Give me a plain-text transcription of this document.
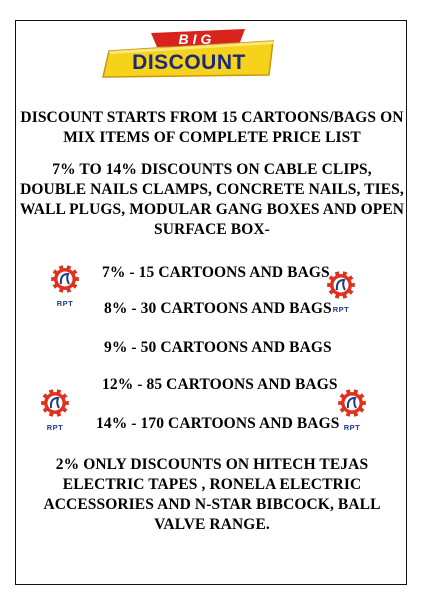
BIG
DISCOUNT
DISCOUNT STARTS FROM 15 CARTOONS/BAGS ON
MIX ITEMS OF COMPLETE PRICE LIST
7% TO 14% DISCOUNTS ON CABLE CLIPS,
DOUBLE NAILS CLAMPS, CONCRETE NAILS, TIES,
WALL PLUGS, MODULAR GANG BOXES AND OPEN
SURFACE BOX-
7% - 15 CARTOONS AND BAGS
8% - 30 CARTOONS AND BAGS
9% - 50 CARTOONS AND BAGS
12% - 85 CARTOONS AND BAGS
14% - 170 CARTOONS AND BAGS
RPT
RPT
RPT	RPT
2% ONLY DISCOUNTS ON HITECH TEJAS
ELECTRIC TAPES , RONELA ELECTRIC
ACCESSORIES AND N-STAR BIBCOCK, BALL
VALVE RANGE.
